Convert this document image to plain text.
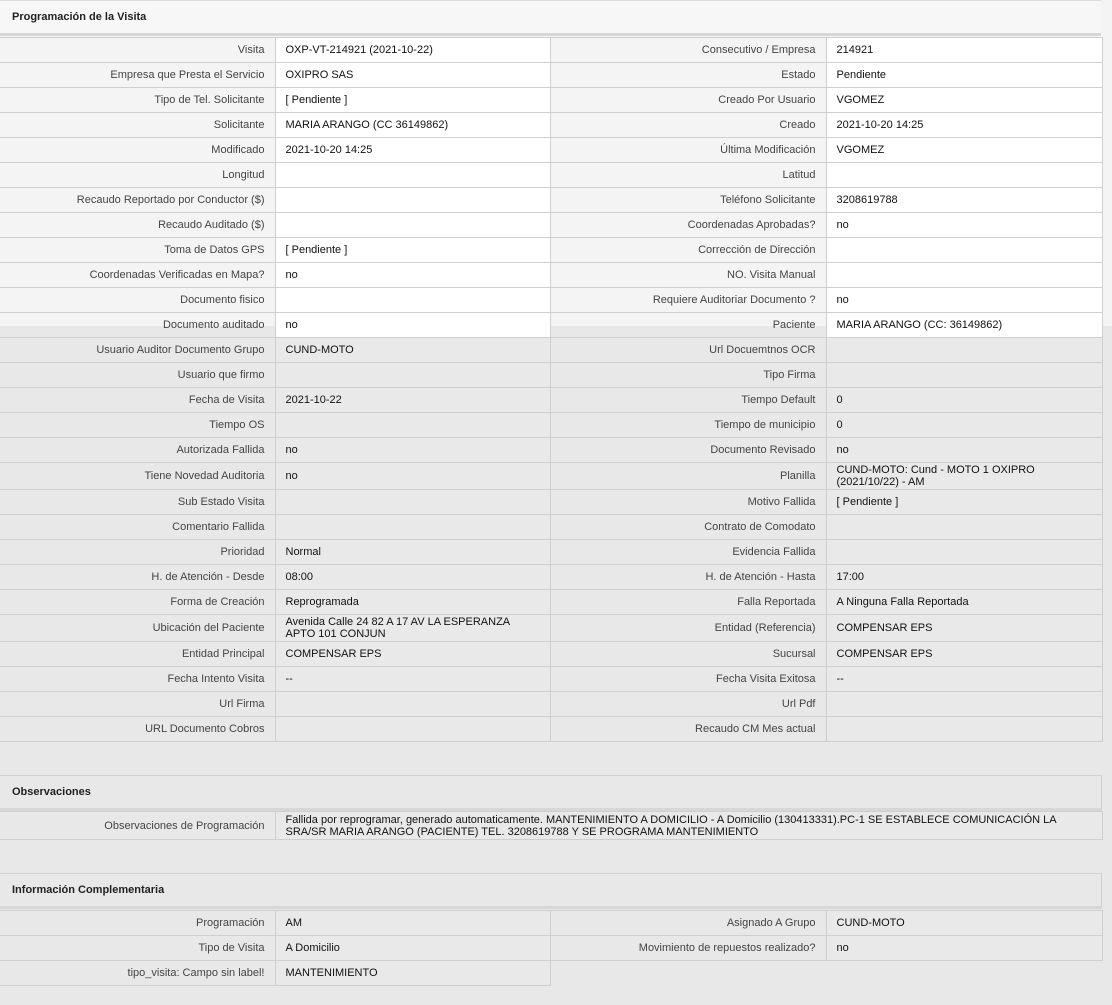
Programación de la Visita
Visita	OXP-VT-214921 (2021-10-22)	Consecutivo / Empresa	214921
Empresa que Presta el Servicio	OXIPRO SAS	Estado	Pendiente
Tipo de Tel. Solicitante	[ Pendiente ]	Creado Por Usuario	VGOMEZ
Solicitante	MARIA ARANGO (CC 36149862)	Creado	2021-10-20 14:25
Modificado	2021-10-20 14:25	Última Modificación	VGOMEZ
Longitud		Latitud	
Recaudo Reportado por Conductor ($)		Teléfono Solicitante	3208619788
Recaudo Auditado ($)		Coordenadas Aprobadas?	no
Toma de Datos GPS	[ Pendiente ]	Corrección de Dirección	
Coordenadas Verificadas en Mapa?	no	NO. Visita Manual	
Documento fisico		Requiere Auditoriar Documento ?	no
Documento auditado	no	Paciente	MARIA ARANGO (CC: 36149862)
Usuario Auditor Documento Grupo	CUND-MOTO	Url Docuemtnos OCR	
Usuario que firmo		Tipo Firma	
Fecha de Visita	2021-10-22	Tiempo Default	0
Tiempo OS		Tiempo de municipio	0
Autorizada Fallida	no	Documento Revisado	no
Tiene Novedad Auditoria	no	Planilla	CUND-MOTO: Cund - MOTO 1 OXIPRO (2021/10/22) - AM
Sub Estado Visita		Motivo Fallida	[ Pendiente ]
Comentario Fallida		Contrato de Comodato	
Prioridad	Normal	Evidencia Fallida	
H. de Atención - Desde	08:00	H. de Atención - Hasta	17:00
Forma de Creación	Reprogramada	Falla Reportada	A Ninguna Falla Reportada
Ubicación del Paciente	Avenida Calle 24 82 A 17 AV LA ESPERANZA APTO 101 CONJUN	Entidad (Referencia)	COMPENSAR EPS
Entidad Principal	COMPENSAR EPS	Sucursal	COMPENSAR EPS
Fecha Intento Visita	--	Fecha Visita Exitosa	--
Url Firma		Url Pdf	
URL Documento Cobros		Recaudo CM Mes actual	
Observaciones
Observaciones de Programación	Fallida por reprogramar, generado automaticamente. MANTENIMIENTO A DOMICILIO - A Domicilio (130413331).PC-1 SE ESTABLECE COMUNICACIÓN LA SRA/SR MARIA ARANGO (PACIENTE) TEL. 3208619788 Y SE PROGRAMA MANTENIMIENTO
Información Complementaria
Programación	AM	Asignado A Grupo	CUND-MOTO
Tipo de Visita	A Domicilio	Movimiento de repuestos realizado?	no
tipo_visita: Campo sin label!	MANTENIMIENTO		
